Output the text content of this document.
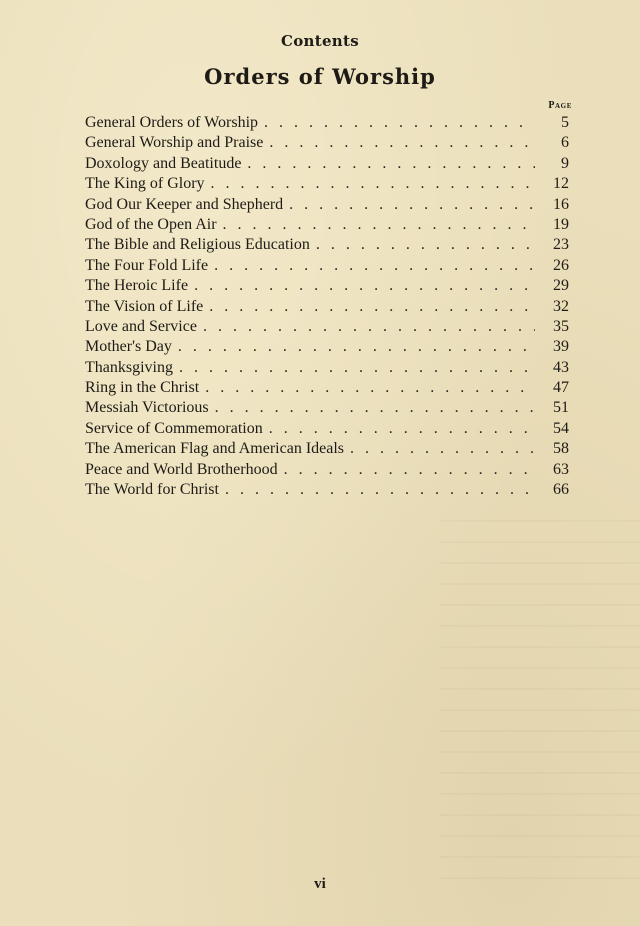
Contents
Orders of Worship
Page
General Orders of Worship . . .	5
General Worship and Praise . . .	6
Doxology and Beatitude . . .	9
The King of Glory . . .	12
God Our Keeper and Shepherd . . .	16
God of the Open Air . . .	19
The Bible and Religious Education . . .	23
The Four Fold Life . . .	26
The Heroic Life . . .	29
The Vision of Life . . .	32
Love and Service . . .	35
Mother's Day . . .	39
Thanksgiving . . .	43
Ring in the Christ . . .	47
Messiah Victorious . . .	51
Service of Commemoration . . .	54
The American Flag and American Ideals . . .	58
Peace and World Brotherhood . . .	63
The World for Christ . . .	66
vi
